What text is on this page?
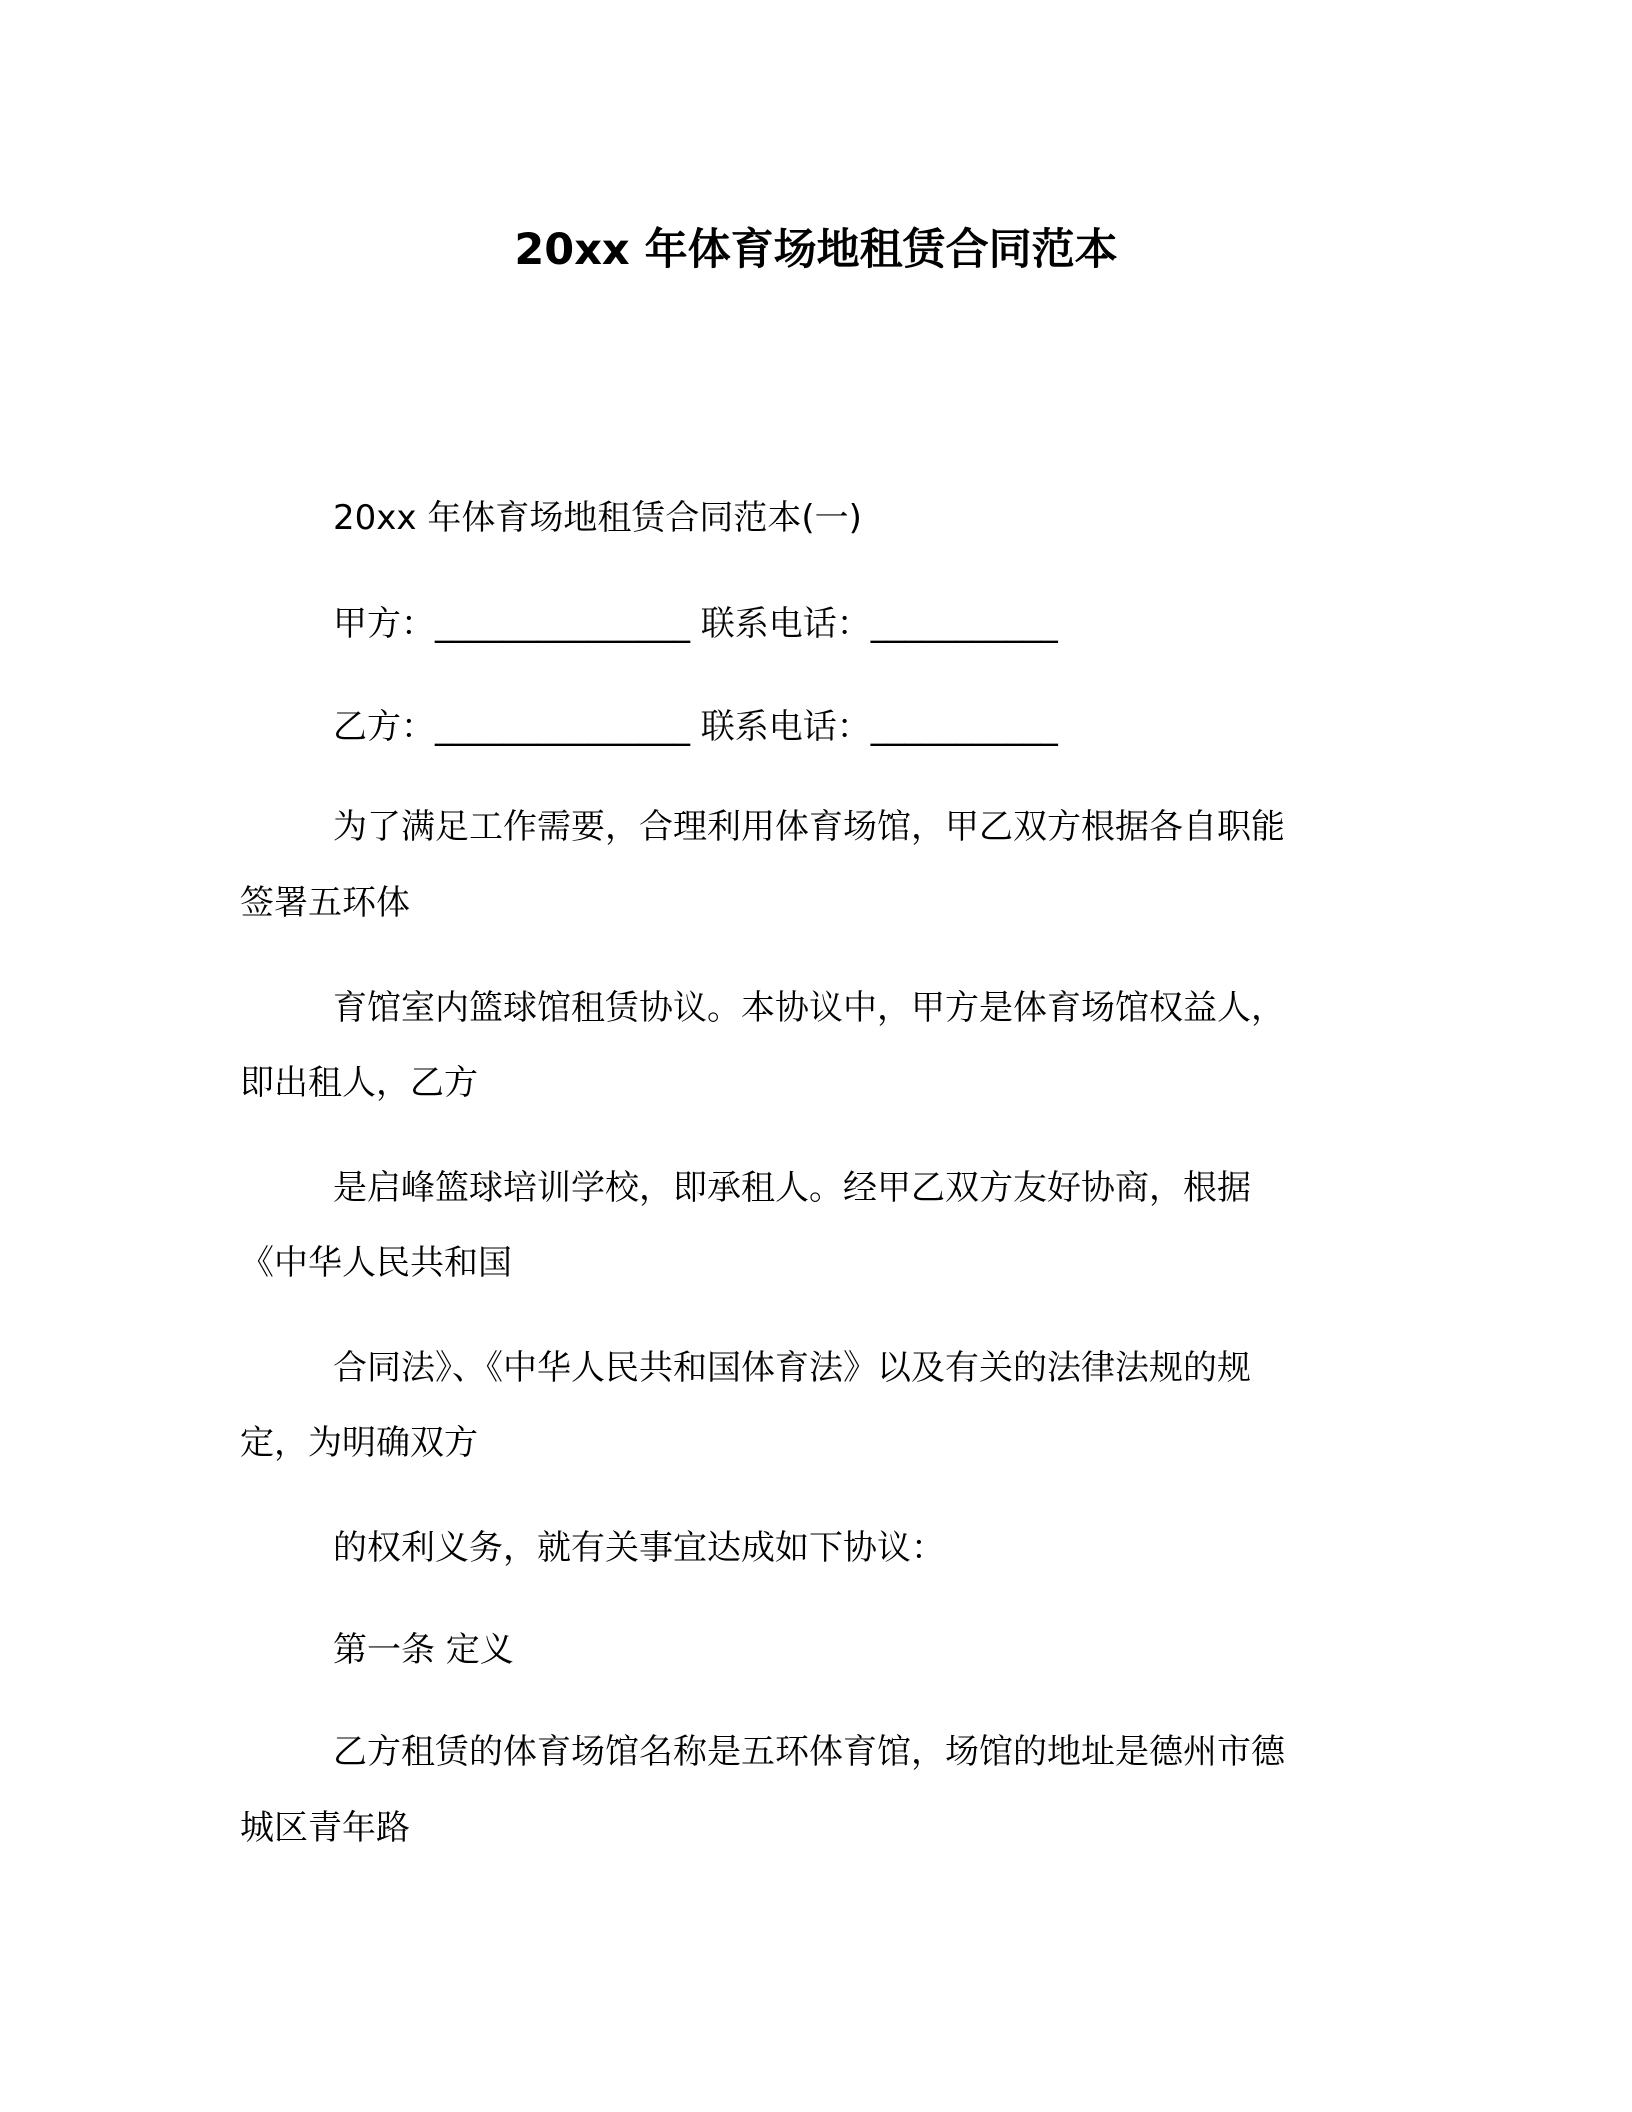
20xx 年体育场地租赁合同范本
20xx 年体育场地租赁合同范本(一)
甲方：_______________ 联系电话：___________
乙方：_______________ 联系电话：___________
为了满足工作需要，合理利用体育场馆，甲乙双方根据各自职能
签署五环体
育馆室内篮球馆租赁协议。本协议中，甲方是体育场馆权益人，
即出租人，乙方
是启峰篮球培训学校，即承租人。经甲乙双方友好协商，根据
《中华人民共和国
合同法》、《中华人民共和国体育法》以及有关的法律法规的规
定，为明确双方
的权利义务，就有关事宜达成如下协议：
第一条 定义
乙方租赁的体育场馆名称是五环体育馆，场馆的地址是德州市德
城区青年路
